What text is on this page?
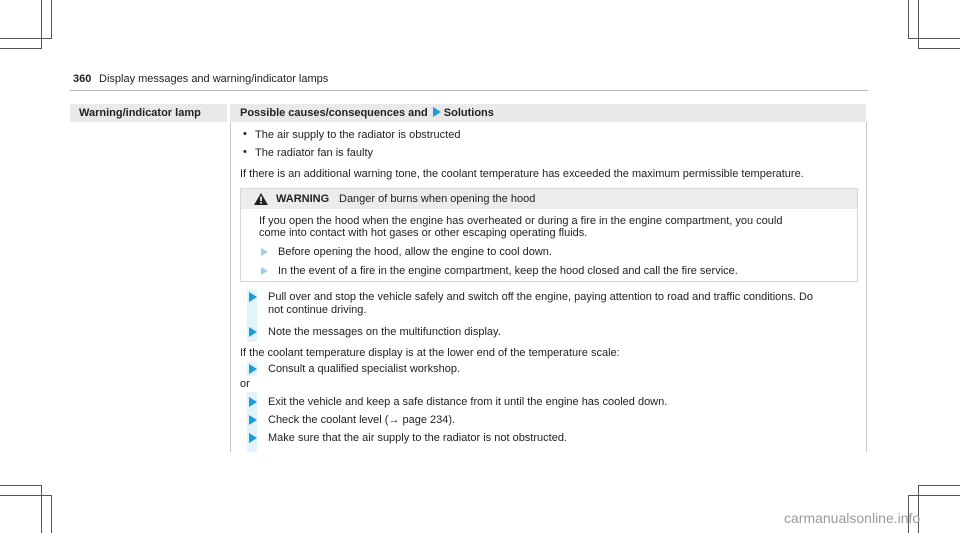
360 Display messages and warning/indicator lamps
Warning/indicator lamp	Possible causes/consequences and Solutions
• The air supply to the radiator is obstructed
• The radiator fan is faulty
If there is an additional warning tone, the coolant temperature has exceeded the maximum permissible temperature.
WARNING Danger of burns when opening the hood
If you open the hood when the engine has overheated or during a fire in the engine compartment, you could
come into contact with hot gases or other escaping operating fluids.
Before opening the hood, allow the engine to cool down.
In the event of a fire in the engine compartment, keep the hood closed and call the fire service.
Pull over and stop the vehicle safely and switch off the engine, paying attention to road and traffic conditions. Do
not continue driving.
Note the messages on the multifunction display.
If the coolant temperature display is at the lower end of the temperature scale:
Consult a qualified specialist workshop.
or
Exit the vehicle and keep a safe distance from it until the engine has cooled down.
Check the coolant level (→ page 234).
Make sure that the air supply to the radiator is not obstructed.
carmanualsonline.info
